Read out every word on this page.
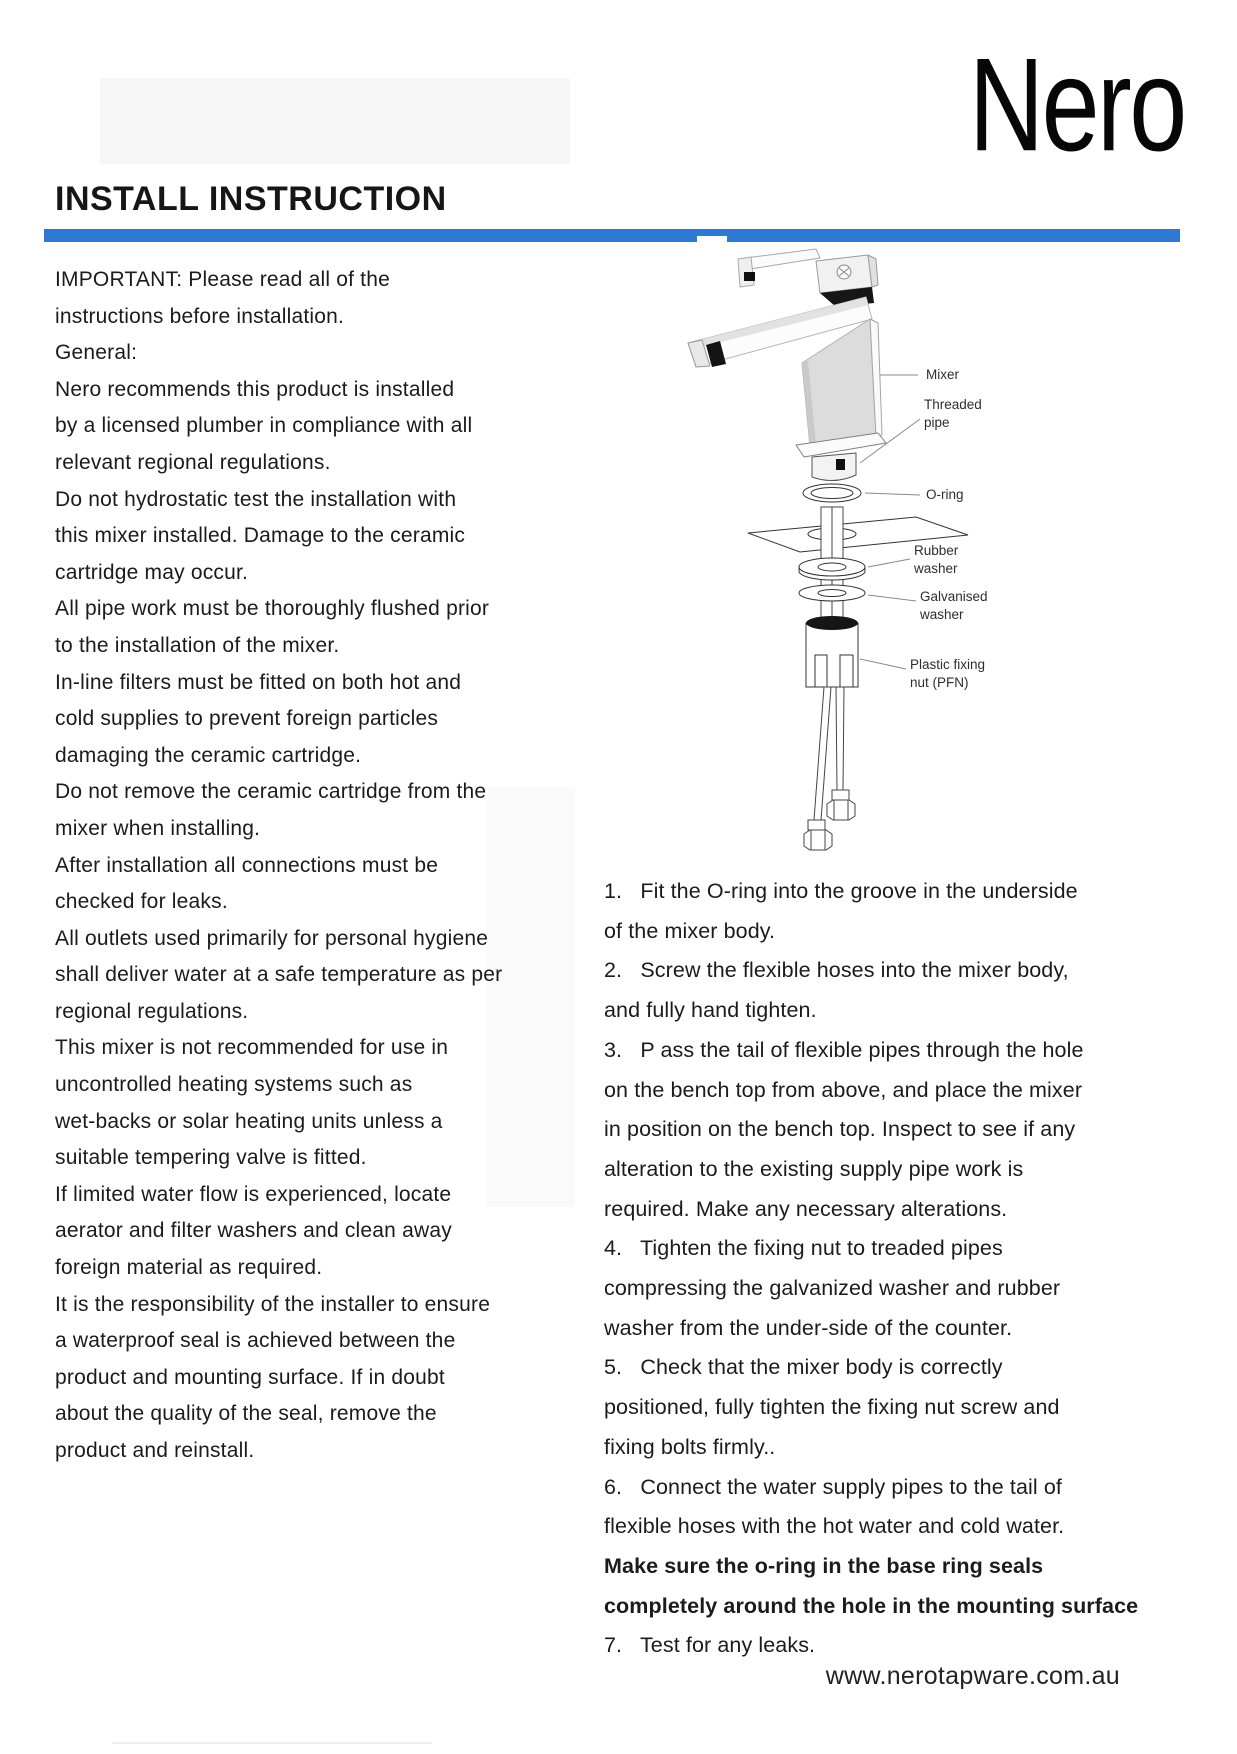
Nero
INSTALL INSTRUCTION
IMPORTANT: Please read all of the
instructions before installation.
General:
Nero recommends this product is installed
by a licensed plumber in compliance with all
relevant regional regulations.
Do not hydrostatic test the installation with
this mixer installed. Damage to the ceramic
cartridge may occur.
All pipe work must be thoroughly flushed prior
to the installation of the mixer.
In-line filters must be fitted on both hot and
cold supplies to prevent foreign particles
damaging the ceramic cartridge.
Do not remove the ceramic cartridge from the
mixer when installing.
After installation all connections must be
checked for leaks.
All outlets used primarily for personal hygiene
shall deliver water at a safe temperature as per
regional regulations.
This mixer is not recommended for use in
uncontrolled heating systems such as
wet-backs or solar heating units unless a
suitable tempering valve is fitted.
If limited water flow is experienced, locate
aerator and filter washers and clean away
foreign material as required.
It is the responsibility of the installer to ensure
a waterproof seal is achieved between the
product and mounting surface. If in doubt
about the quality of the seal, remove the
product and reinstall.
Mixer
Threaded
pipe
O-ring
Rubber
washer
Galvanised
washer
Plastic fixing
nut (PFN)
1.   Fit the O-ring into the groove in the underside
of the mixer body.
2.   Screw the flexible hoses into the mixer body,
and fully hand tighten.
3.   P ass the tail of flexible pipes through the hole
on the bench top from above, and place the mixer
in position on the bench top. Inspect to see if any
alteration to the existing supply pipe work is
required. Make any necessary alterations.
4.   Tighten the fixing nut to treaded pipes
compressing the galvanized washer and rubber
washer from the under-side of the counter.
5.   Check that the mixer body is correctly
positioned, fully tighten the fixing nut screw and
fixing bolts firmly..
6.   Connect the water supply pipes to the tail of
flexible hoses with the hot water and cold water.
Make sure the o-ring in the base ring seals
completely around the hole in the mounting surface
7.   Test for any leaks.
www.nerotapware.com.au
